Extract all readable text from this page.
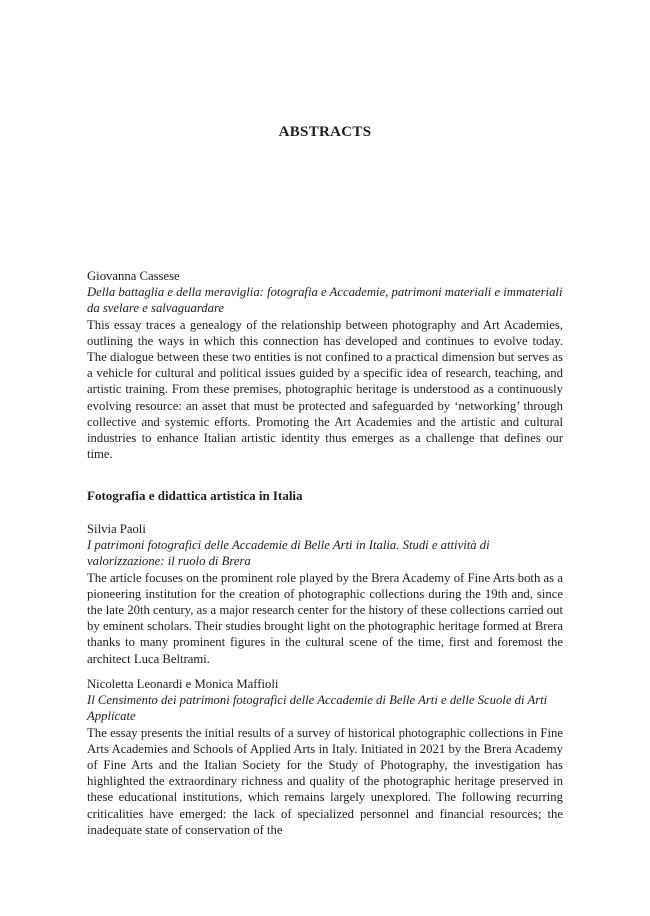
ABSTRACTS

Giovanna Cassese

Della battaglia e della meraviglia: fotografia e Accademie, patrimoni materiali e immateriali da svelare e salvaguardare

This essay traces a genealogy of the relationship between photography and Art Academies, outlining the ways in which this connection has developed and continues to evolve today. The dialogue between these two entities is not confined to a practical dimension but serves as a vehicle for cultural and political issues guided by a specific idea of research, teaching, and artistic training. From these premises, photographic heritage is understood as a continuously evolving resource: an asset that must be protected and safeguarded by ‘networking’ through collective and systemic efforts. Promoting the Art Academies and the artistic and cultural industries to enhance Italian artistic identity thus emerges as a challenge that defines our time.

Fotografia e didattica artistica in Italia

Silvia Paoli

I patrimoni fotografici delle Accademie di Belle Arti in Italia. Studi e attività di valorizzazione: il ruolo di Brera

The article focuses on the prominent role played by the Brera Academy of Fine Arts both as a pioneering institution for the creation of photographic collections during the 19th and, since the late 20th century, as a major research center for the history of these collections carried out by eminent scholars. Their studies brought light on the photographic heritage formed at Brera thanks to many prominent figures in the cultural scene of the time, first and foremost the architect Luca Beltrami.

Nicoletta Leonardi e Monica Maffioli

Il Censimento dei patrimoni fotografici delle Accademie di Belle Arti e delle Scuole di Arti Applicate

The essay presents the initial results of a survey of historical photographic collections in Fine Arts Academies and Schools of Applied Arts in Italy. Initiated in 2021 by the Brera Academy of Fine Arts and the Italian Society for the Study of Photography, the investigation has highlighted the extraordinary richness and quality of the photographic heritage preserved in these educational institutions, which remains largely unexplored. The following recurring criticalities have emerged: the lack of specialized personnel and financial resources; the inadequate state of conservation of the
